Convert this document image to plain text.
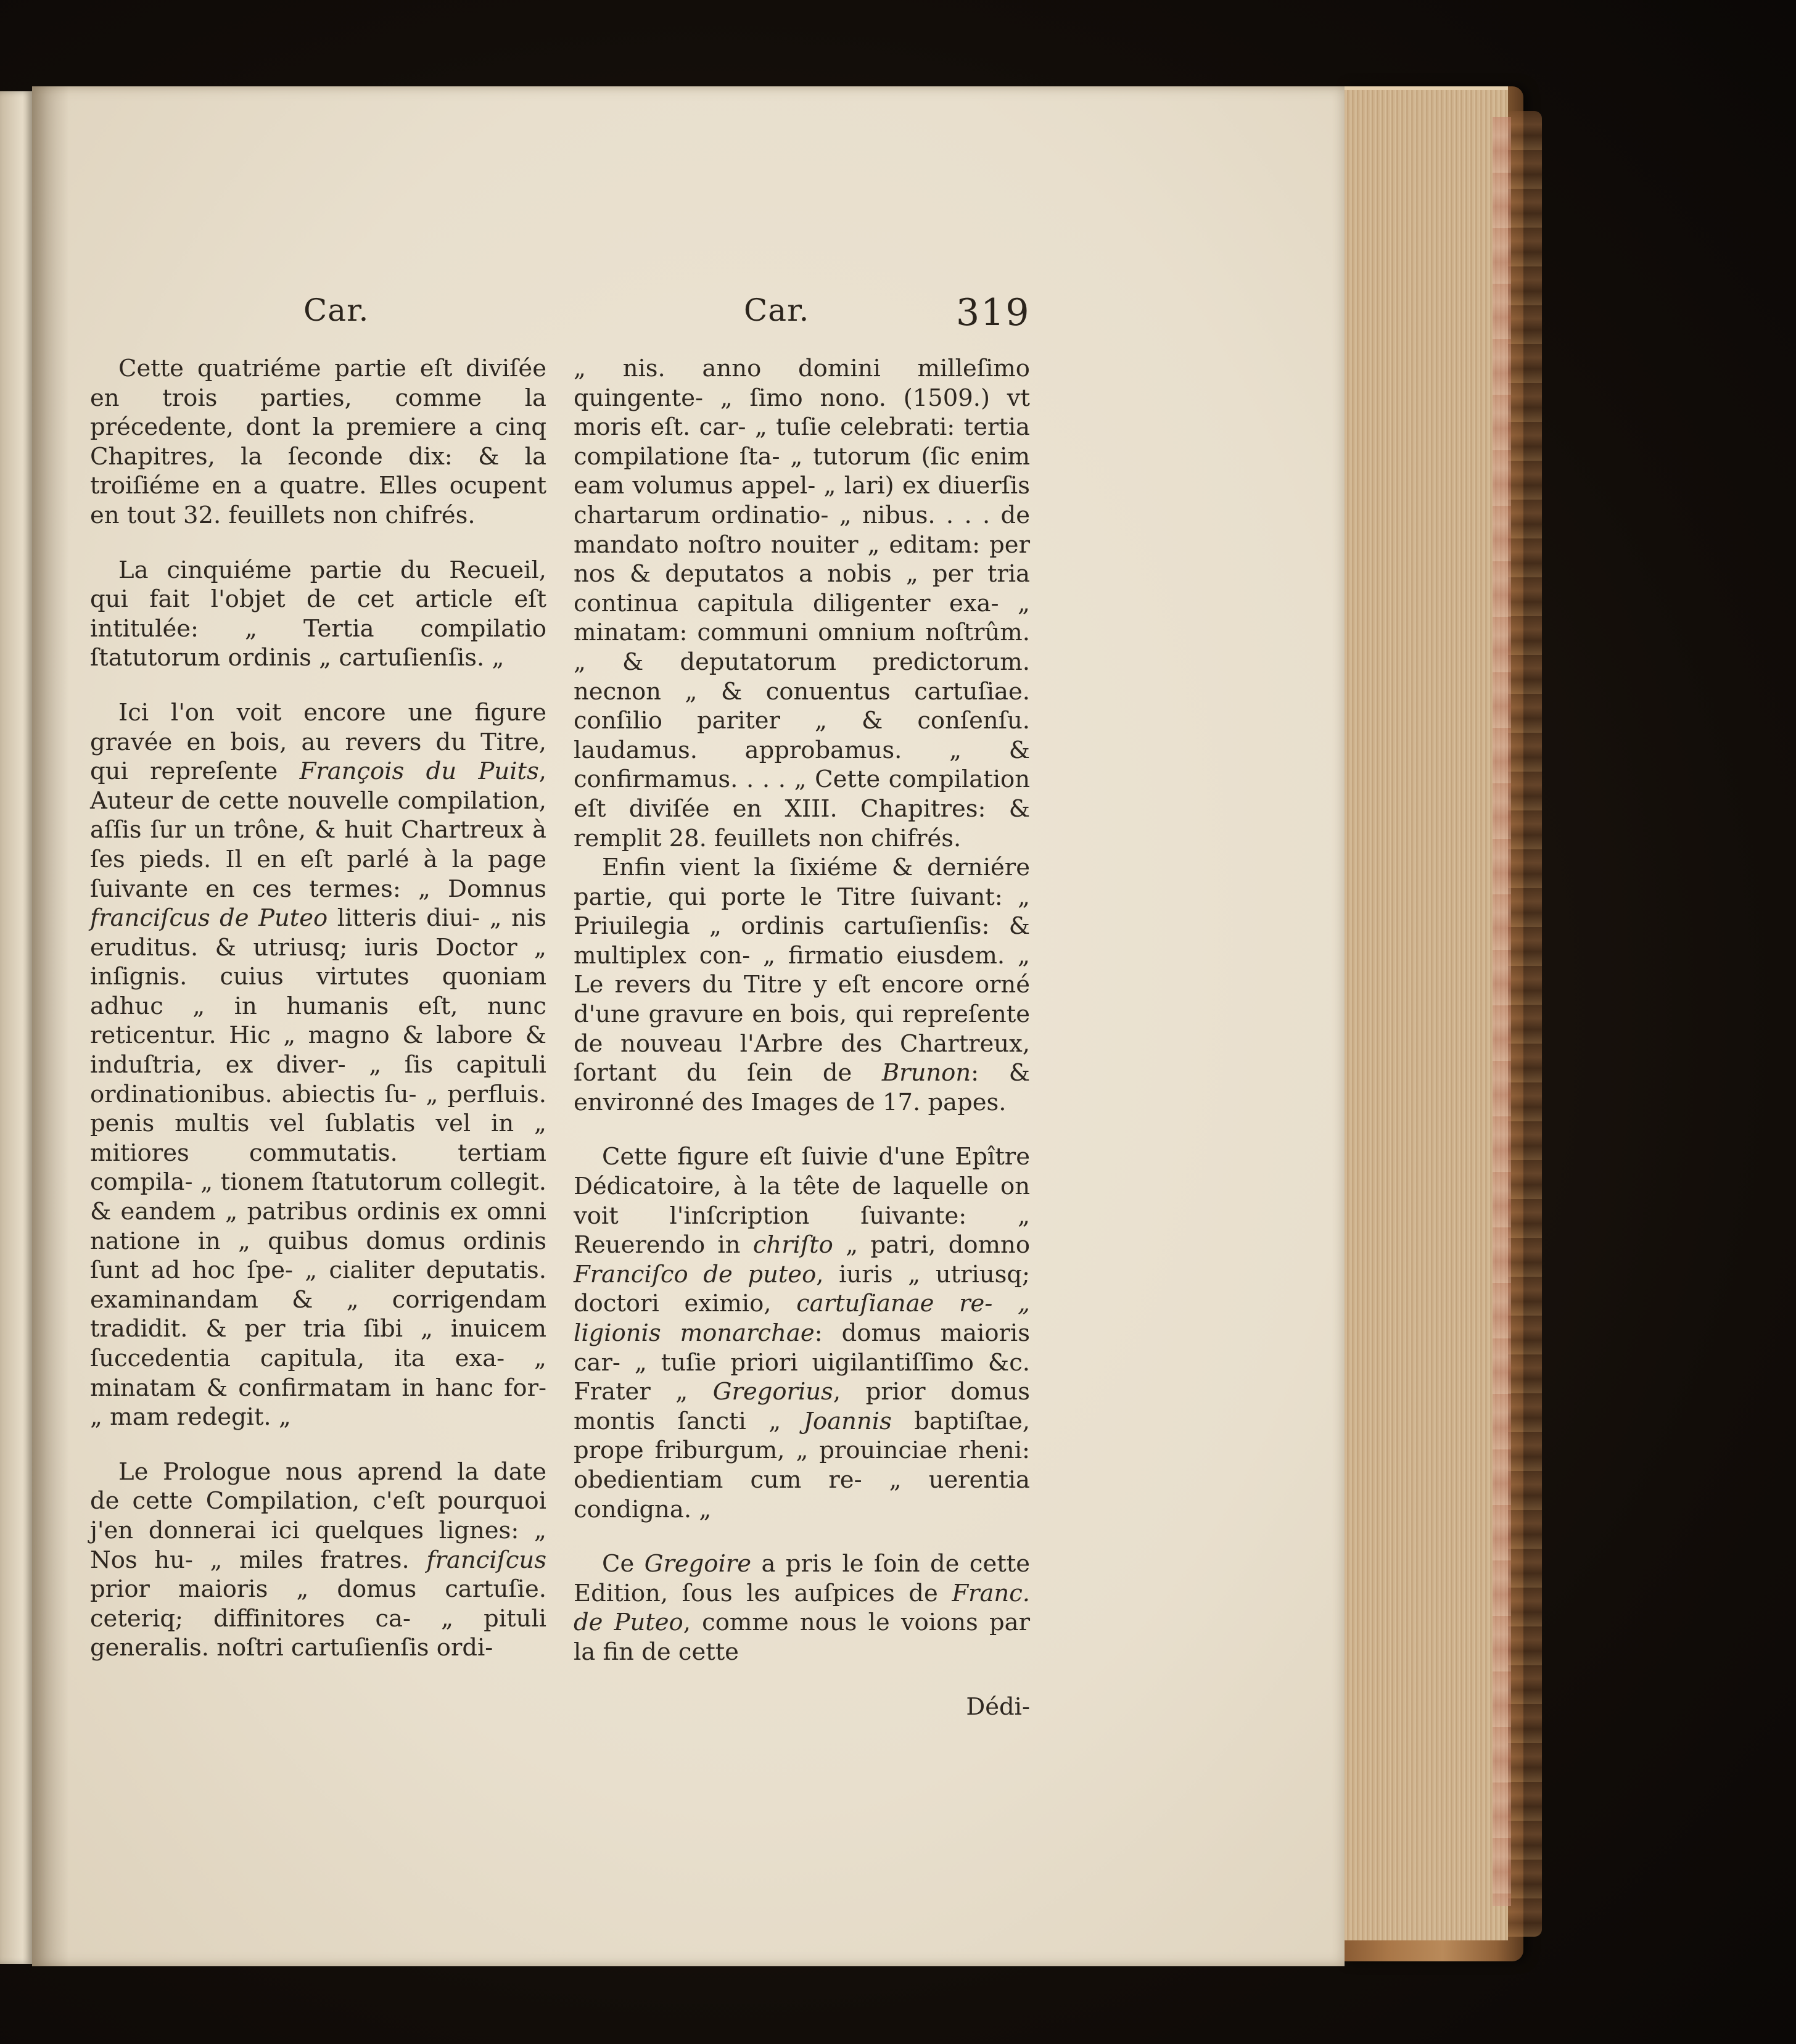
Car.	Car.	319

Cette quatriéme partie eſt diviſée en trois parties, comme la précedente, dont la premiere a cinq Chapitres, la ſeconde dix: & la troiſiéme en a quatre. Elles ocupent en tout 32. feuillets non chifrés.

La cinquiéme partie du Recueil, qui fait l'objet de cet article eſt intitulée: „ Tertia compilatio ſtatutorum ordinis „ cartuſienſis. „

Ici l'on voit encore une figure gravée en bois, au revers du Titre, qui repreſente François du Puits, Auteur de cette nouvelle compilation, aſſis ſur un trône, & huit Chartreux à ſes pieds. Il en eſt parlé à la page ſuivante en ces termes: „ Domnus franciſcus de Puteo litteris diui- „ nis eruditus. & utriusq; iuris Doctor „ inſignis. cuius virtutes quoniam adhuc „ in humanis eſt, nunc reticentur. Hic „ magno & labore & induſtria, ex diver- „ ſis capituli ordinationibus. abiectis ſu- „ perfluis. penis multis vel ſublatis vel in „ mitiores commutatis. tertiam compila- „ tionem ſtatutorum collegit. & eandem „ patribus ordinis ex omni natione in „ quibus domus ordinis ſunt ad hoc ſpe- „ cialiter deputatis. examinandam & „ corrigendam tradidit. & per tria ſibi „ inuicem ſuccedentia capitula, ita exa- „ minatam & confirmatam in hanc for- „ mam redegit. „

Le Prologue nous aprend la date de cette Compilation, c'eſt pourquoi j'en donnerai ici quelques lignes: „ Nos hu- „ miles fratres. franciſcus prior maioris „ domus cartuſie. ceteriq; diffinitores ca- „ pituli generalis. noſtri cartuſienſis ordi-

„ nis. anno domini milleſimo quingente- „ ſimo nono. (1509.) vt moris eſt. car- „ tuſie celebrati: tertia compilatione ſta- „ tutorum (ſic enim eam volumus appel- „ lari) ex diuerſis chartarum ordinatio- „ nibus. . . . de mandato noſtro nouiter „ editam: per nos & deputatos a nobis „ per tria continua capitula diligenter exa- „ minatam: communi omnium noſtrûm. „ & deputatorum predictorum. necnon „ & conuentus cartuſiae. conſilio pariter „ & conſenſu. laudamus. approbamus. „ & confirmamus. . . . „ Cette compilation eſt diviſée en XIII. Chapitres: & remplit 28. feuillets non chifrés.

Enfin vient la ſixiéme & derniére partie, qui porte le Titre ſuivant: „ Priuilegia „ ordinis cartuſienſis: & multiplex con- „ firmatio eiusdem. „ Le revers du Titre y eſt encore orné d'une gravure en bois, qui repreſente de nouveau l'Arbre des Chartreux, ſortant du ſein de Brunon: & environné des Images de 17. papes.

Cette figure eſt ſuivie d'une Epître Dédicatoire, à la tête de laquelle on voit l'inſcription ſuivante: „ Reuerendo in chriſto „ patri, domno Franciſco de puteo, iuris „ utriusq; doctori eximio, cartuſianae re- „ ligionis monarchae: domus maioris car- „ tuſie priori uigilantiſſimo &c. Frater „ Gregorius, prior domus montis ſancti „ Joannis baptiſtae, prope friburgum, „ prouinciae rheni: obedientiam cum re- „ uerentia condigna. „

Ce Gregoire a pris le ſoin de cette Edition, ſous les auſpices de Franc. de Puteo, comme nous le voions par la fin de cette

Dédi-
